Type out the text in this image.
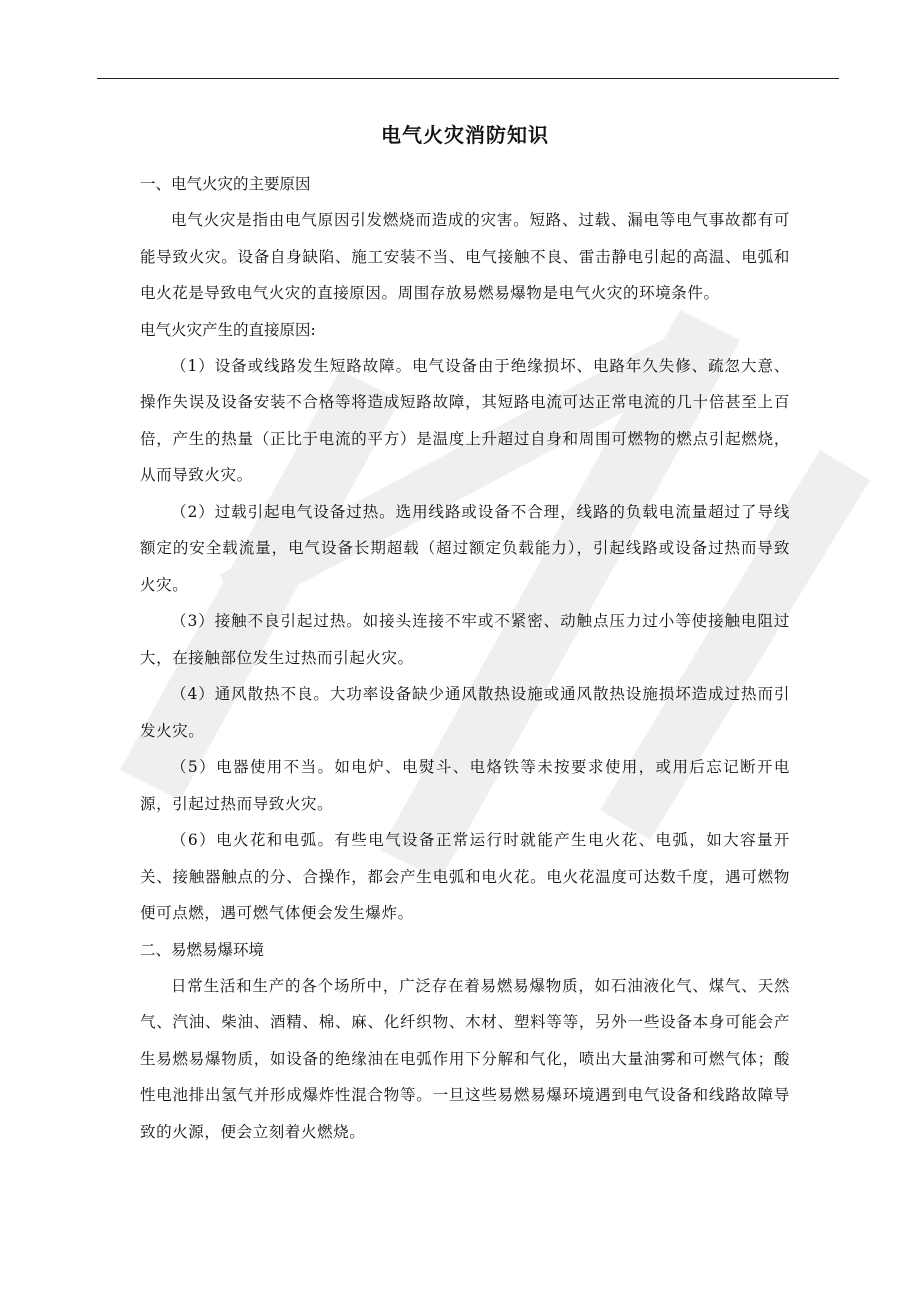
电气火灾消防知识

一、电气火灾的主要原因

电气火灾是指由电气原因引发燃烧而造成的灾害。短路、过载、漏电等电气事故都有可能导致火灾。设备自身缺陷、施工安装不当、电气接触不良、雷击静电引起的高温、电弧和电火花是导致电气火灾的直接原因。周围存放易燃易爆物是电气火灾的环境条件。

电气火灾产生的直接原因:

（1）设备或线路发生短路故障。电气设备由于绝缘损坏、电路年久失修、疏忽大意、操作失误及设备安装不合格等将造成短路故障，其短路电流可达正常电流的几十倍甚至上百倍，产生的热量（正比于电流的平方）是温度上升超过自身和周围可燃物的燃点引起燃烧，从而导致火灾。

（2）过载引起电气设备过热。选用线路或设备不合理，线路的负载电流量超过了导线额定的安全载流量，电气设备长期超载（超过额定负载能力），引起线路或设备过热而导致火灾。

（3）接触不良引起过热。如接头连接不牢或不紧密、动触点压力过小等使接触电阻过大，在接触部位发生过热而引起火灾。

（4）通风散热不良。大功率设备缺少通风散热设施或通风散热设施损坏造成过热而引发火灾。

（5）电器使用不当。如电炉、电熨斗、电烙铁等未按要求使用，或用后忘记断开电源，引起过热而导致火灾。

（6）电火花和电弧。有些电气设备正常运行时就能产生电火花、电弧，如大容量开关、接触器触点的分、合操作，都会产生电弧和电火花。电火花温度可达数千度，遇可燃物便可点燃，遇可燃气体便会发生爆炸。

二、易燃易爆环境

日常生活和生产的各个场所中，广泛存在着易燃易爆物质，如石油液化气、煤气、天然气、汽油、柴油、酒精、棉、麻、化纤织物、木材、塑料等等，另外一些设备本身可能会产生易燃易爆物质，如设备的绝缘油在电弧作用下分解和气化，喷出大量油雾和可燃气体；酸性电池排出氢气并形成爆炸性混合物等。一旦这些易燃易爆环境遇到电气设备和线路故障导致的火源，便会立刻着火燃烧。
